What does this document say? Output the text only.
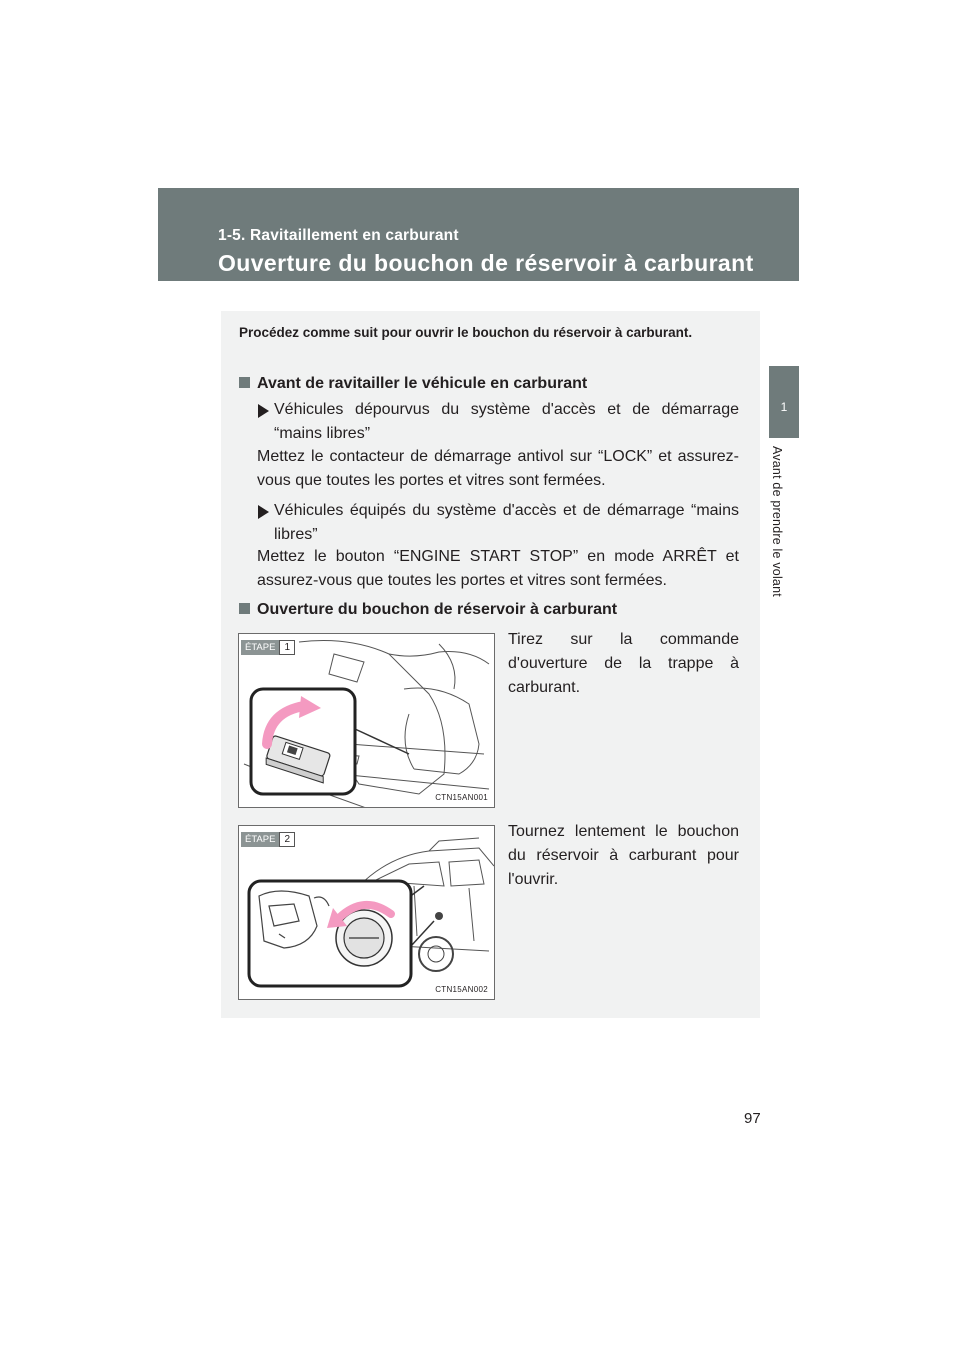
1-5. Ravitaillement en carburant
Ouverture du bouchon de réservoir à carburant
1
Avant de prendre le volant
Procédez comme suit pour ouvrir le bouchon du réservoir à carburant.
Avant de ravitailler le véhicule en carburant
Véhicules dépourvus du système d'accès et de démarrage “mains libres”
Mettez le contacteur de démarrage antivol sur “LOCK” et assurez-vous que toutes les portes et vitres sont fermées.
Véhicules équipés du système d'accès et de démarrage “mains libres”
Mettez le bouton “ENGINE START STOP” en mode ARRÊT et assurez-vous que toutes les portes et vitres sont fermées.
Ouverture du bouchon de réservoir à carburant
ÉTAPE 1
CTN15AN001
Tirez sur la commande d'ouverture de la trappe à carburant.
ÉTAPE 2
CTN15AN002
Tournez lentement le bouchon du réservoir à carburant pour l'ouvrir.
97
